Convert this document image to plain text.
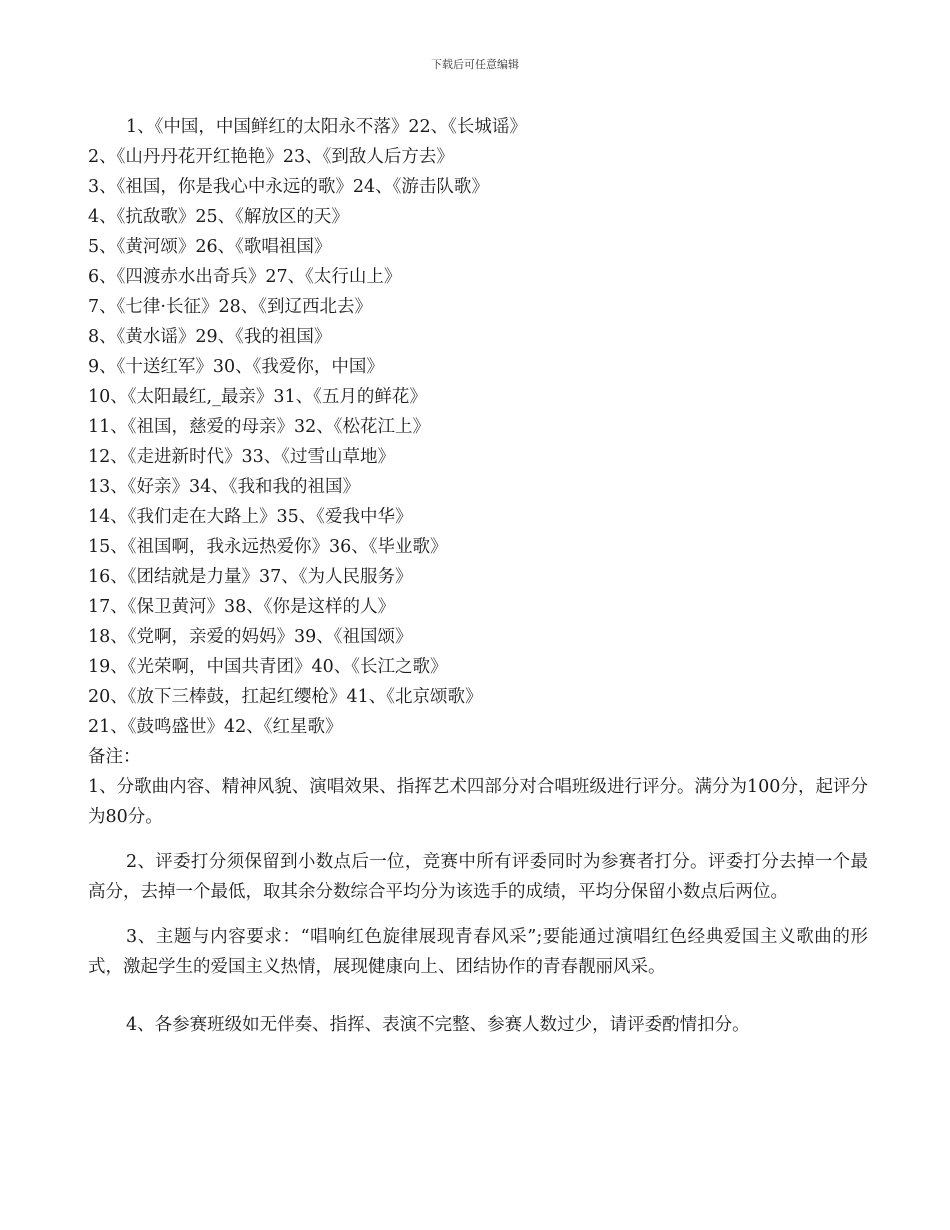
下载后可任意编辑
1、《中国，中国鲜红的太阳永不落》22、《长城谣》
2、《山丹丹花开红艳艳》23、《到敌人后方去》
3、《祖国，你是我心中永远的歌》24、《游击队歌》
4、《抗敌歌》25、《解放区的天》
5、《黄河颂》26、《歌唱祖国》
6、《四渡赤水出奇兵》27、《太行山上》
7、《七律·长征》28、《到辽西北去》
8、《黄水谣》29、《我的祖国》
9、《十送红军》30、《我爱你，中国》
10、《太阳最红,_最亲》31、《五月的鲜花》
11、《祖国，慈爱的母亲》32、《松花江上》
12、《走进新时代》33、《过雪山草地》
13、《好亲》34、《我和我的祖国》
14、《我们走在大路上》35、《爱我中华》
15、《祖国啊，我永远热爱你》36、《毕业歌》
16、《团结就是力量》37、《为人民服务》
17、《保卫黄河》38、《你是这样的人》
18、《党啊，亲爱的妈妈》39、《祖国颂》
19、《光荣啊，中国共青团》40、《长江之歌》
20、《放下三棒鼓，扛起红缨枪》41、《北京颂歌》
21、《鼓鸣盛世》42、《红星歌》
备注：

1、分歌曲内容、精神风貌、演唱效果、指挥艺术四部分对合唱班级进行评分。满分为100分，起评分为80分。

2、评委打分须保留到小数点后一位，竞赛中所有评委同时为参赛者打分。评委打分去掉一个最高分，去掉一个最低，取其余分数综合平均分为该选手的成绩，平均分保留小数点后两位。

3、主题与内容要求：“唱响红色旋律展现青春风采”;要能通过演唱红色经典爱国主义歌曲的形式，激起学生的爱国主义热情，展现健康向上、团结协作的青春靓丽风采。

4、各参赛班级如无伴奏、指挥、表演不完整、参赛人数过少，请评委酌情扣分。
